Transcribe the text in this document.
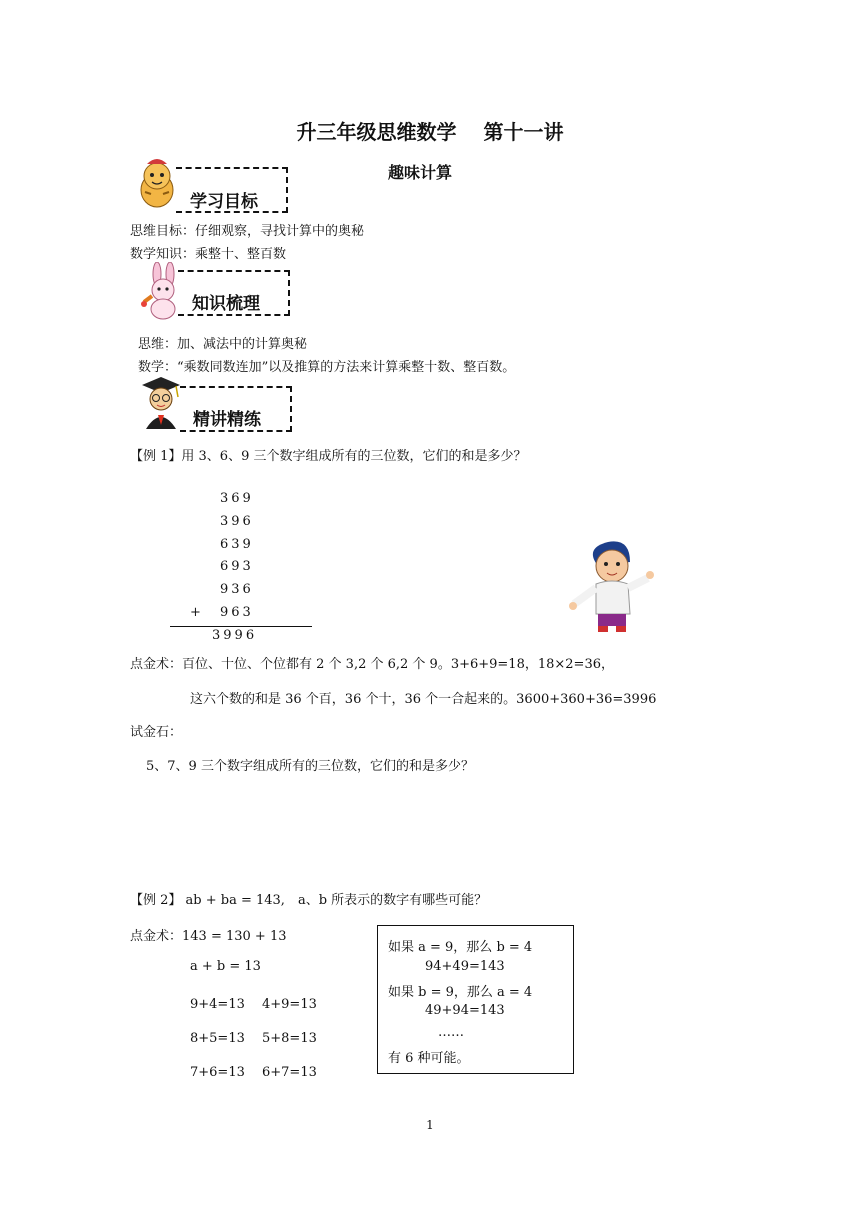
升三年级思维数学　 第十一讲
趣味计算
学习目标
思维目标：仔细观察，寻找计算中的奥秘
数学知识：乘整十、整百数
知识梳理
思维：加、减法中的计算奥秘
数学：“乘数同数连加”以及推算的方法来计算乘整十数、整百数。
精讲精练
【例 1】用 3、6、9 三个数字组成所有的三位数，它们的和是多少？
369
396
639
693
936
+ 963
3996
点金术：百位、十位、个位都有 2 个 3,2 个 6,2 个 9。3+6+9=18，18×2=36，
这六个数的和是 36 个百，36 个十，36 个一合起来的。3600+360+36=3996
试金石：
5、7、9 三个数字组成所有的三位数，它们的和是多少？
【例 2】 ab + ba = 143,　a、b 所表示的数字有哪些可能？
点金术：143 = 130 + 13
a + b = 13
9+4=13　 4+9=13
8+5=13　 5+8=13
7+6=13　 6+7=13
如果 a = 9，那么 b = 4
94+49=143
如果 b = 9，那么 a = 4
49+94=143
……
有 6 种可能。
1
